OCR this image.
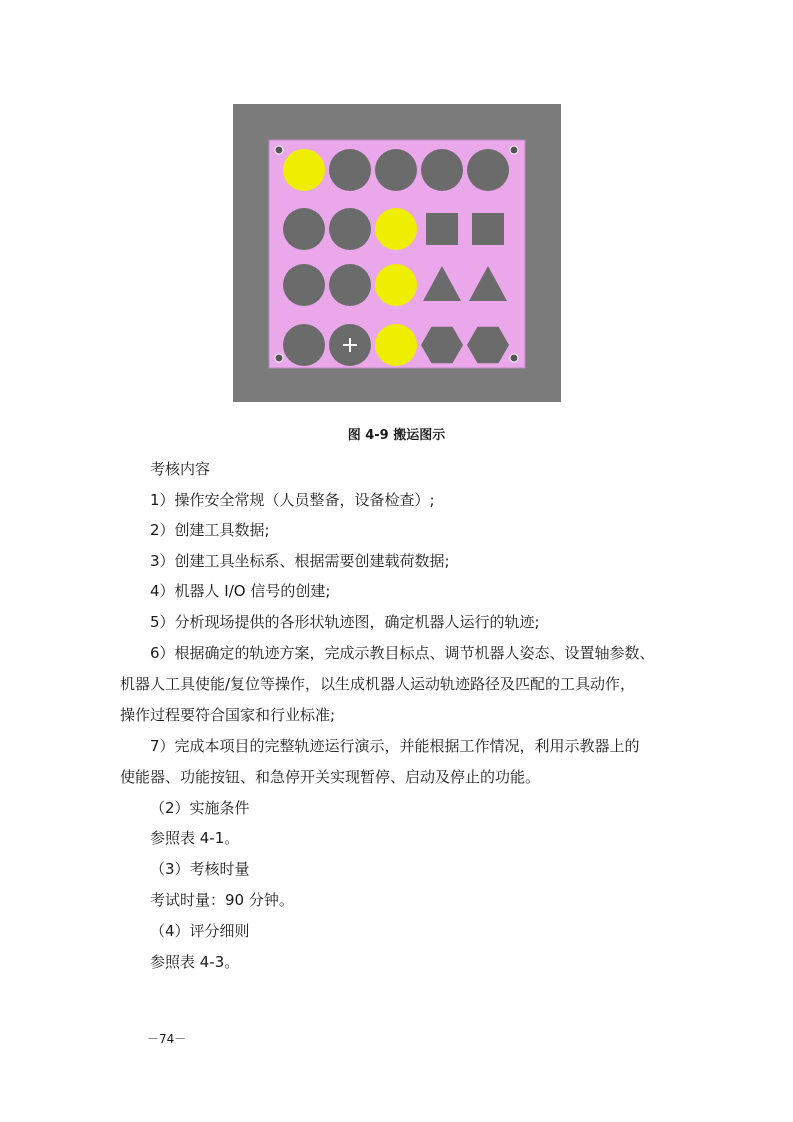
图 4-9 搬运图示
考核内容
1）操作安全常规（人员整备，设备检查）;
2）创建工具数据;
3）创建工具坐标系、根据需要创建载荷数据;
4）机器人 I/O 信号的创建;
5）分析现场提供的各形状轨迹图，确定机器人运行的轨迹;
6）根据确定的轨迹方案，完成示教目标点、调节机器人姿态、设置轴参数、
机器人工具使能/复位等操作，以生成机器人运动轨迹路径及匹配的工具动作，
操作过程要符合国家和行业标准;
7）完成本项目的完整轨迹运行演示，并能根据工作情况，利用示教器上的
使能器、功能按钮、和急停开关实现暂停、启动及停止的功能。
（2）实施条件
参照表 4-1。
（3）考核时量
考试时量：90 分钟。
（4）评分细则
参照表 4-3。
－74－
